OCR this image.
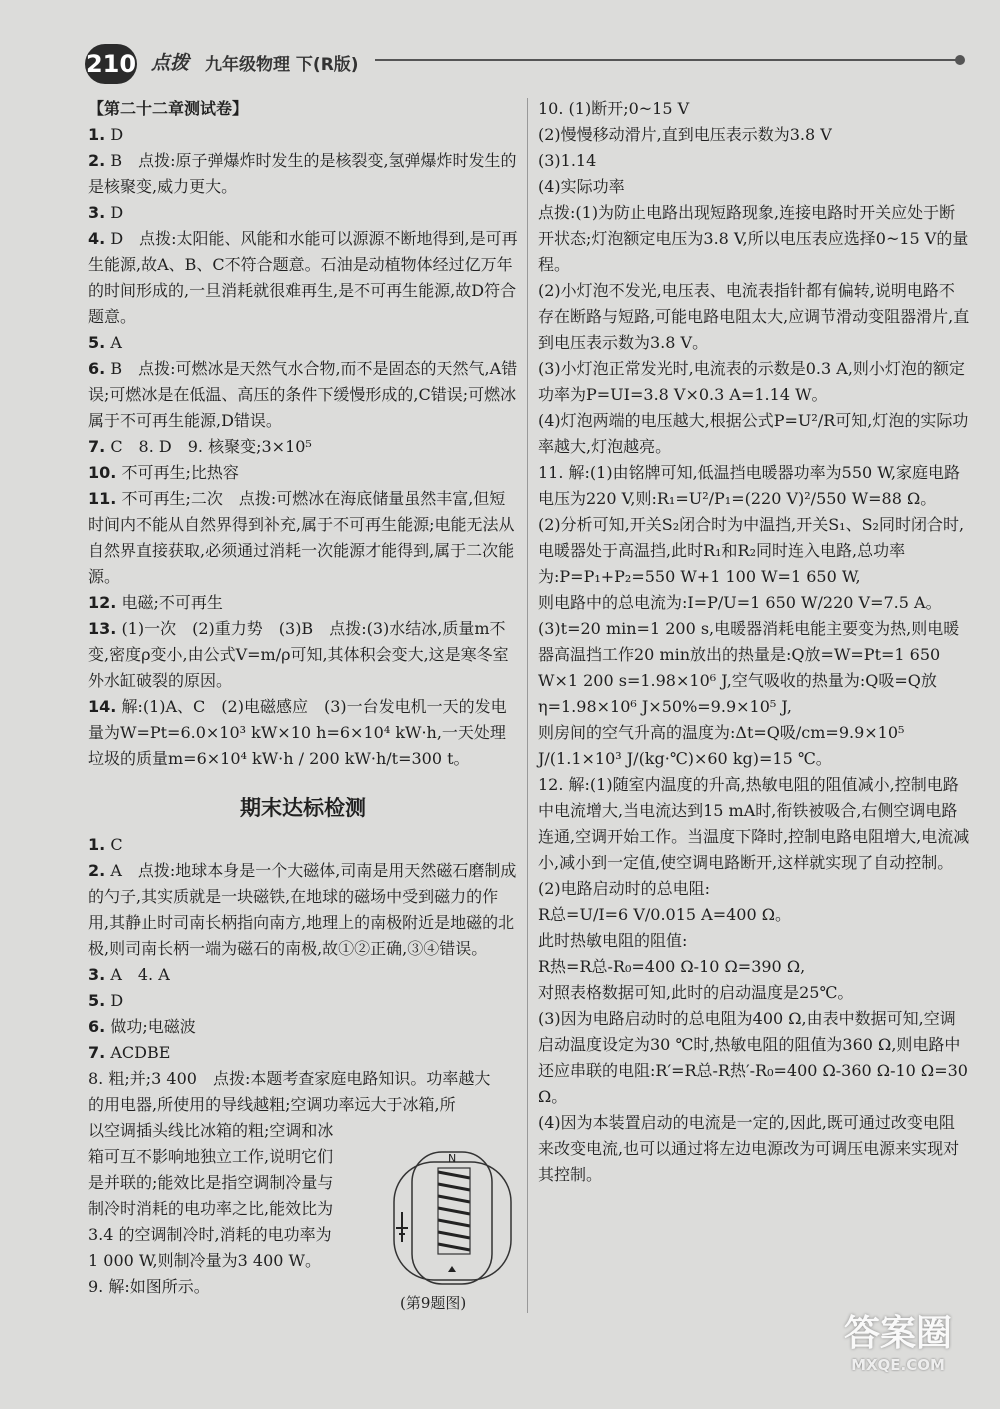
210 点拨 九年级物理 下(R版)

【第二十二章测试卷】

1. D

2. B　点拨:原子弹爆炸时发生的是核裂变,氢弹爆炸时发生的是核聚变,威力更大。

3. D

4. D　点拨:太阳能、风能和水能可以源源不断地得到,是可再生能源,故A、B、C不符合题意。石油是动植物体经过亿万年的时间形成的,一旦消耗就很难再生,是不可再生能源,故D符合题意。

5. A

6. B　点拨:可燃冰是天然气水合物,而不是固态的天然气,A错误;可燃冰是在低温、高压的条件下缓慢形成的,C错误;可燃冰属于不可再生能源,D错误。

7. C　8. D　9. 核聚变;3×10⁵

10. 不可再生;比热容

11. 不可再生;二次　点拨:可燃冰在海底储量虽然丰富,但短时间内不能从自然界得到补充,属于不可再生能源;电能无法从自然界直接获取,必须通过消耗一次能源才能得到,属于二次能源。

12. 电磁;不可再生

13. (1)一次　(2)重力势　(3)B　点拨:(3)水结冰,质量m不变,密度ρ变小,由公式V=m/ρ可知,其体积会变大,这是寒冬室外水缸破裂的原因。

14. 解:(1)A、C　(2)电磁感应　(3)一台发电机一天的发电量为W=Pt=6.0×10³ kW×10 h=6×10⁴ kW·h,一天处理垃圾的质量m=6×10⁴ kW·h / 200 kW·h/t=300 t。

期末达标检测

1. C

2. A　点拨:地球本身是一个大磁体,司南是用天然磁石磨制成的勺子,其实质就是一块磁铁,在地球的磁场中受到磁力的作用,其静止时司南长柄指向南方,地理上的南极附近是地磁的北极,则司南长柄一端为磁石的南极,故①②正确,③④错误。

3. A　4. A

5. D

6. 做功;电磁波

7. ACDBE

8. 粗;并;3 400　点拨:本题考查家庭电路知识。功率越大

的用电器,所使用的导线越粗;空调功率远大于冰箱,所

以空调插头线比冰箱的粗;空调和冰

箱可互不影响地独立工作,说明它们

是并联的;能效比是指空调制冷量与

制冷时消耗的电功率之比,能效比为

3.4 的空调制冷时,消耗的电功率为

1 000 W,则制冷量为3 400 W。

9. 解:如图所示。

N
(第9题图)

10. (1)断开;0~15 V

(2)慢慢移动滑片,直到电压表示数为3.8 V

(3)1.14

(4)实际功率

点拨:(1)为防止电路出现短路现象,连接电路时开关应处于断开状态;灯泡额定电压为3.8 V,所以电压表应选择0~15 V的量程。

(2)小灯泡不发光,电压表、电流表指针都有偏转,说明电路不存在断路与短路,可能电路电阻太大,应调节滑动变阻器滑片,直到电压表示数为3.8 V。

(3)小灯泡正常发光时,电流表的示数是0.3 A,则小灯泡的额定功率为P=UI=3.8 V×0.3 A=1.14 W。

(4)灯泡两端的电压越大,根据公式P=U²/R可知,灯泡的实际功率越大,灯泡越亮。

11. 解:(1)由铭牌可知,低温挡电暖器功率为550 W,家庭电路电压为220 V,则:R₁=U²/P₁=(220 V)²/550 W=88 Ω。

(2)分析可知,开关S₂闭合时为中温挡,开关S₁、S₂同时闭合时,电暖器处于高温挡,此时R₁和R₂同时连入电路,总功率为:P=P₁+P₂=550 W+1 100 W=1 650 W,

则电路中的总电流为:I=P/U=1 650 W/220 V=7.5 A。

(3)t=20 min=1 200 s,电暖器消耗电能主要变为热,则电暖器高温挡工作20 min放出的热量是:Q放=W=Pt=1 650 W×1 200 s=1.98×10⁶ J,空气吸收的热量为:Q吸=Q放η=1.98×10⁶ J×50%=9.9×10⁵ J,

则房间的空气升高的温度为:Δt=Q吸/cm=9.9×10⁵ J/(1.1×10³ J/(kg·℃)×60 kg)=15 ℃。

12. 解:(1)随室内温度的升高,热敏电阻的阻值减小,控制电路中电流增大,当电流达到15 mA时,衔铁被吸合,右侧空调电路连通,空调开始工作。当温度下降时,控制电路电阻增大,电流减小,减小到一定值,使空调电路断开,这样就实现了自动控制。

(2)电路启动时的总电阻:

R总=U/I=6 V/0.015 A=400 Ω。

此时热敏电阻的阻值:

R热=R总-R₀=400 Ω-10 Ω=390 Ω,

对照表格数据可知,此时的启动温度是25℃。

(3)因为电路启动时的总电阻为400 Ω,由表中数据可知,空调启动温度设定为30 ℃时,热敏电阻的阻值为360 Ω,则电路中还应串联的电阻:R′=R总-R热′-R₀=400 Ω-360 Ω-10 Ω=30 Ω。

(4)因为本装置启动的电流是一定的,因此,既可通过改变电阻来改变电流,也可以通过将左边电源改为可调压电源来实现对其控制。

答案圈
MXQE.COM
